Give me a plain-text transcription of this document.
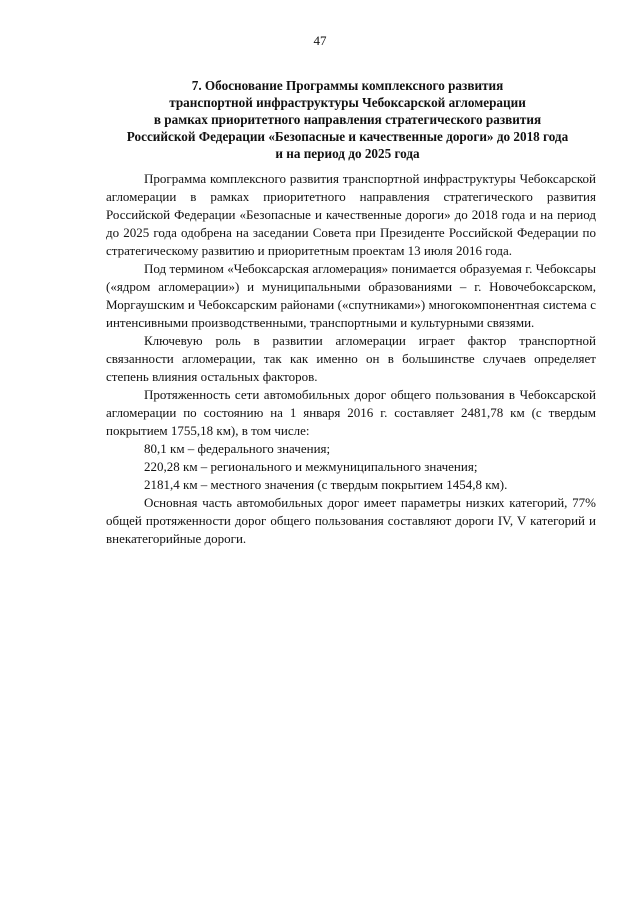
47
7. Обоснование Программы комплексного развития
транспортной инфраструктуры Чебоксарской агломерации
в рамках приоритетного направления стратегического развития
Российской Федерации «Безопасные и качественные дороги» до 2018 года
и на период до 2025 года

Программа комплексного развития транспортной инфраструктуры Чебоксарской агломерации в рамках приоритетного направления стратегического развития Российской Федерации «Безопасные и качественные дороги» до 2018 года и на период до 2025 года одобрена на заседании Совета при Президенте Российской Федерации по стратегическому развитию и приоритетным проектам 13 июля 2016 года.

Под термином «Чебоксарская агломерация» понимается образуемая г. Чебоксары («ядром агломерации») и муниципальными образованиями – г. Новочебоксарском, Моргаушским и Чебоксарским районами («спутниками») многокомпонентная система с интенсивными производственными, транспортными и культурными связями.

Ключевую роль в развитии агломерации играет фактор транспортной связанности агломерации, так как именно он в большинстве случаев определяет степень влияния остальных факторов.

Протяженность сети автомобильных дорог общего пользования в Чебоксарской агломерации по состоянию на 1 января 2016 г. составляет 2481,78 км (с твердым покрытием 1755,18 км), в том числе:

80,1 км – федерального значения;

220,28 км – регионального и межмуниципального значения;

2181,4 км – местного значения (с твердым покрытием 1454,8 км).

Основная часть автомобильных дорог имеет параметры низких категорий, 77% общей протяженности дорог общего пользования составляют дороги IV, V категорий и внекатегорийные дороги.
